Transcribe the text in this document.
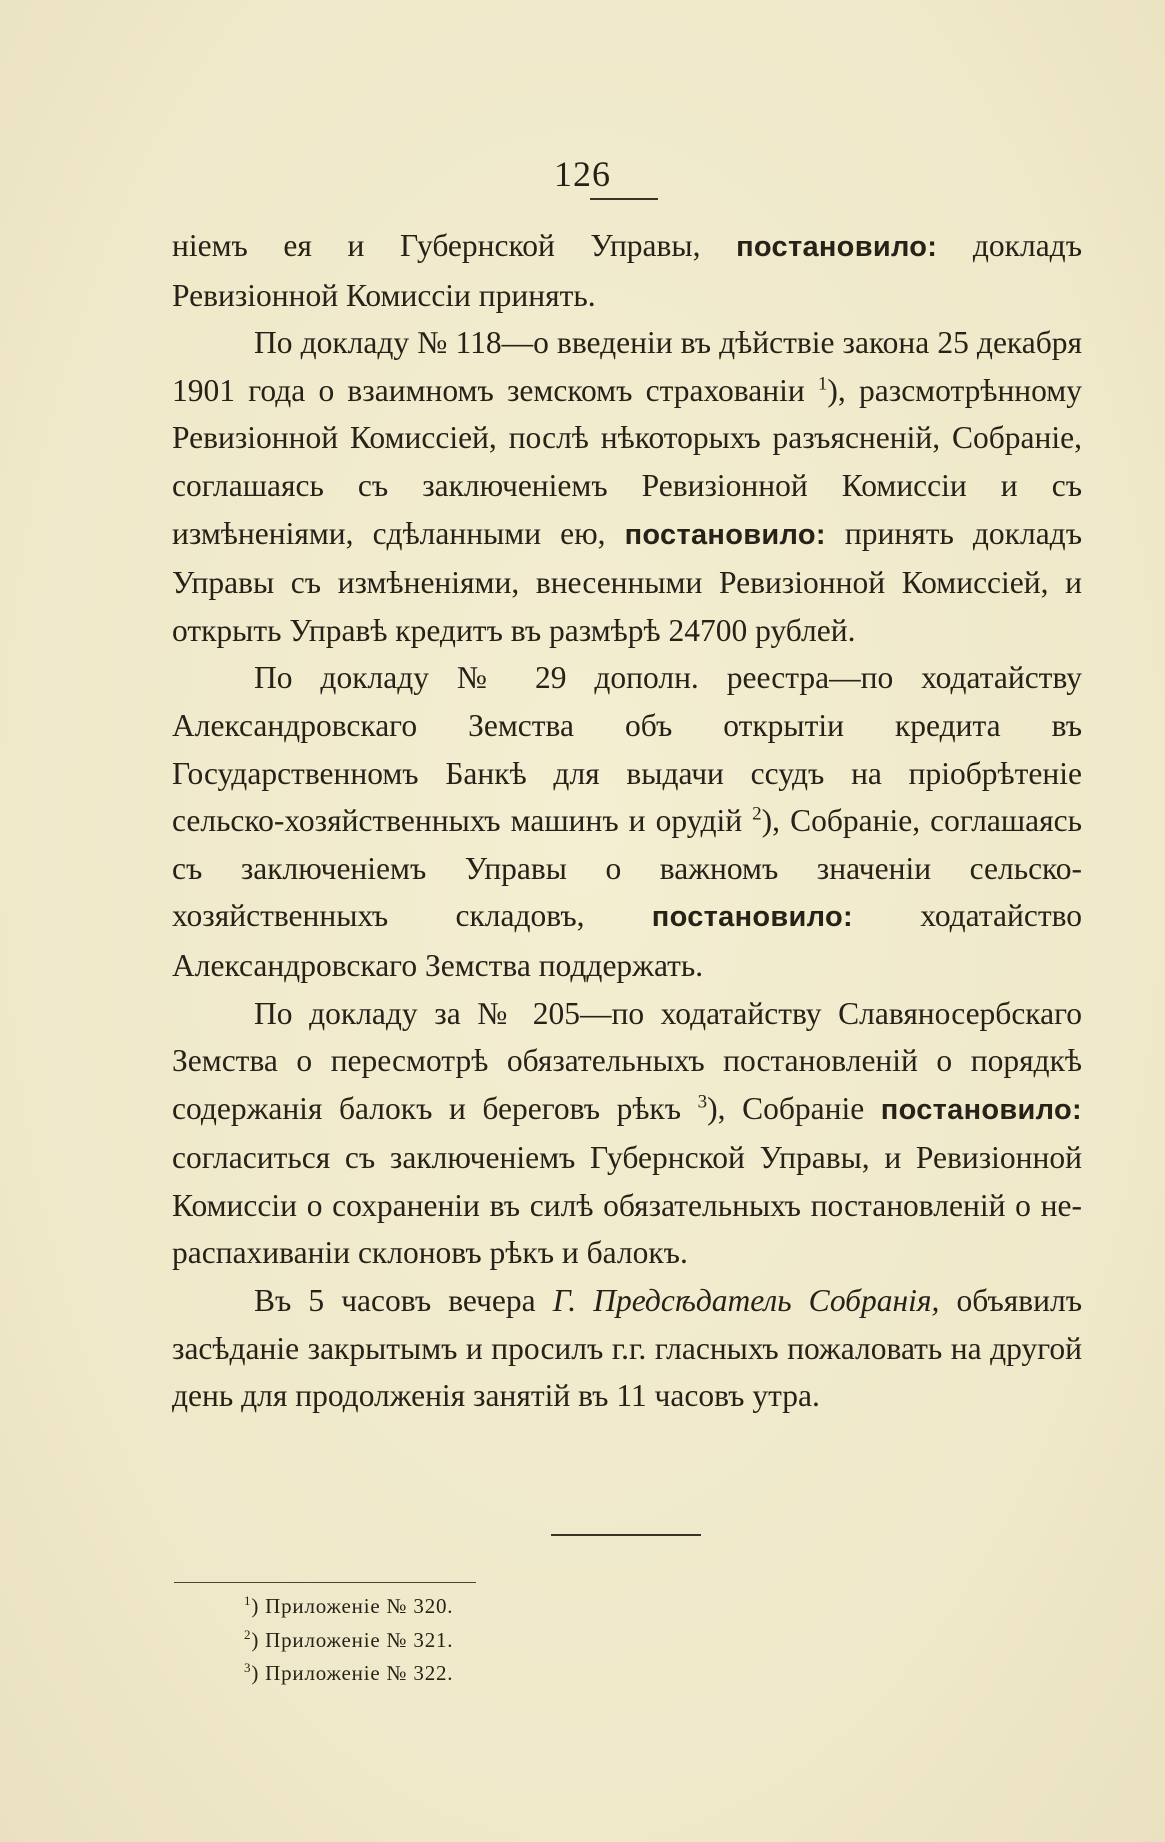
126

ніемъ ея и Губернской Управы, постановило: докладъ Ревизіонной Комиссіи принять.

По докладу № 118—о введеніи въ дѣйствіе закона 25 декабря 1901 года о взаимномъ земскомъ страхованіи $^1$), разсмотрѣнному Ревизіонной Комиссіей, послѣ нѣкоторыхъ разъясненій, Собраніе, соглашаясь съ заключеніемъ Ревизіонной Комиссіи и съ измѣненіями, сдѣланными ею, постановило: принять докладъ Управы съ измѣненіями, внесенными Ревизіонной Комиссіей, и открыть Управѣ кредитъ въ размѣрѣ 24700 рублей.

По докладу № 29 дополн. реестра—по ходатайству Александровскаго Земства объ открытіи кредита въ Государственномъ Банкѣ для выдачи ссудъ на пріобрѣтеніе сельско-хозяйственныхъ машинъ и орудій $^2$), Собраніе, соглашаясь съ заключеніемъ Управы о важномъ значеніи сельско-хозяйственныхъ складовъ, постановило: ходатайство Александровскаго Земства поддержать.

По докладу за № 205—по ходатайству Славяносербскаго Земства о пересмотрѣ обязательныхъ постановленій о порядкѣ содержанія балокъ и береговъ рѣкъ $^3$), Собраніе постановило: согласиться съ заключеніемъ Губернской Управы, и Ревизіонной Комиссіи о сохраненіи въ силѣ обязательныхъ постановленій о нераспахиваніи склоновъ рѣкъ и балокъ.

Въ 5 часовъ вечера Г. Предсѣдатель Собранія, объявилъ засѣданіе закрытымъ и просилъ г.г. гласныхъ пожаловать на другой день для продолженія занятій въ 11 часовъ утра.

$^1$) Приложеніе № 320.
$^2$) Приложеніе № 321.
$^3$) Приложеніе № 322.
